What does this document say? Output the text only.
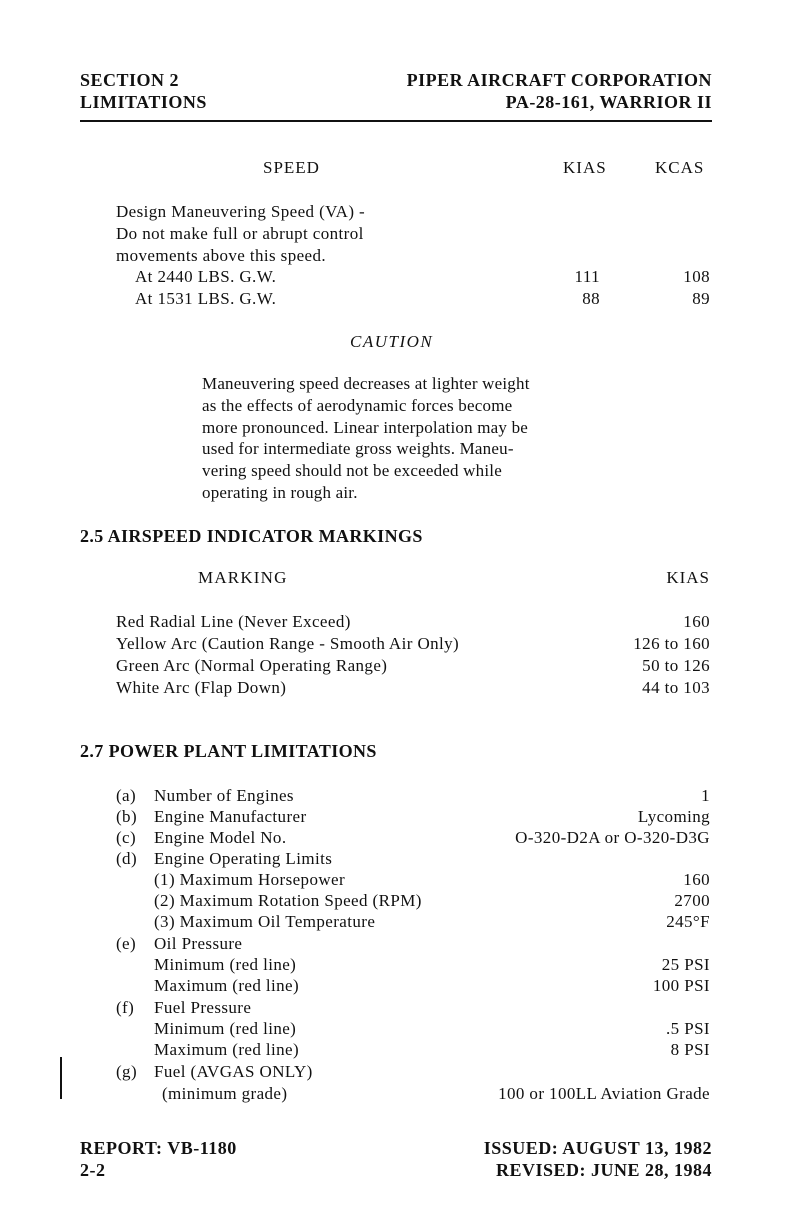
SECTION 2
LIMITATIONS
PIPER AIRCRAFT CORPORATION
PA-28-161, WARRIOR II
SPEED	KIAS	KCAS
Design Maneuvering Speed (VA) -
Do not make full or abrupt control
movements above this speed.
At 2440 LBS. G.W.	111	108
At 1531 LBS. G.W.	88	89
CAUTION
Maneuvering speed decreases at lighter weight
as the effects of aerodynamic forces become
more pronounced. Linear interpolation may be
used for intermediate gross weights. Maneu-
vering speed should not be exceeded while
operating in rough air.
2.5 AIRSPEED INDICATOR MARKINGS
MARKING	KIAS
Red Radial Line (Never Exceed)	160
Yellow Arc (Caution Range - Smooth Air Only)	126 to 160
Green Arc (Normal Operating Range)	50 to 126
White Arc (Flap Down)	44 to 103
2.7 POWER PLANT LIMITATIONS
(a) Number of Engines	1
(b) Engine Manufacturer	Lycoming
(c) Engine Model No.	O-320-D2A or O-320-D3G
(d) Engine Operating Limits
(1) Maximum Horsepower	160
(2) Maximum Rotation Speed (RPM)	2700
(3) Maximum Oil Temperature	245°F
(e) Oil Pressure
Minimum (red line)	25 PSI
Maximum (red line)	100 PSI
(f) Fuel Pressure
Minimum (red line)	.5 PSI
Maximum (red line)	8 PSI
(g) Fuel (AVGAS ONLY)
(minimum grade)	100 or 100LL Aviation Grade
REPORT: VB-1180
2-2
ISSUED: AUGUST 13, 1982
REVISED: JUNE 28, 1984
